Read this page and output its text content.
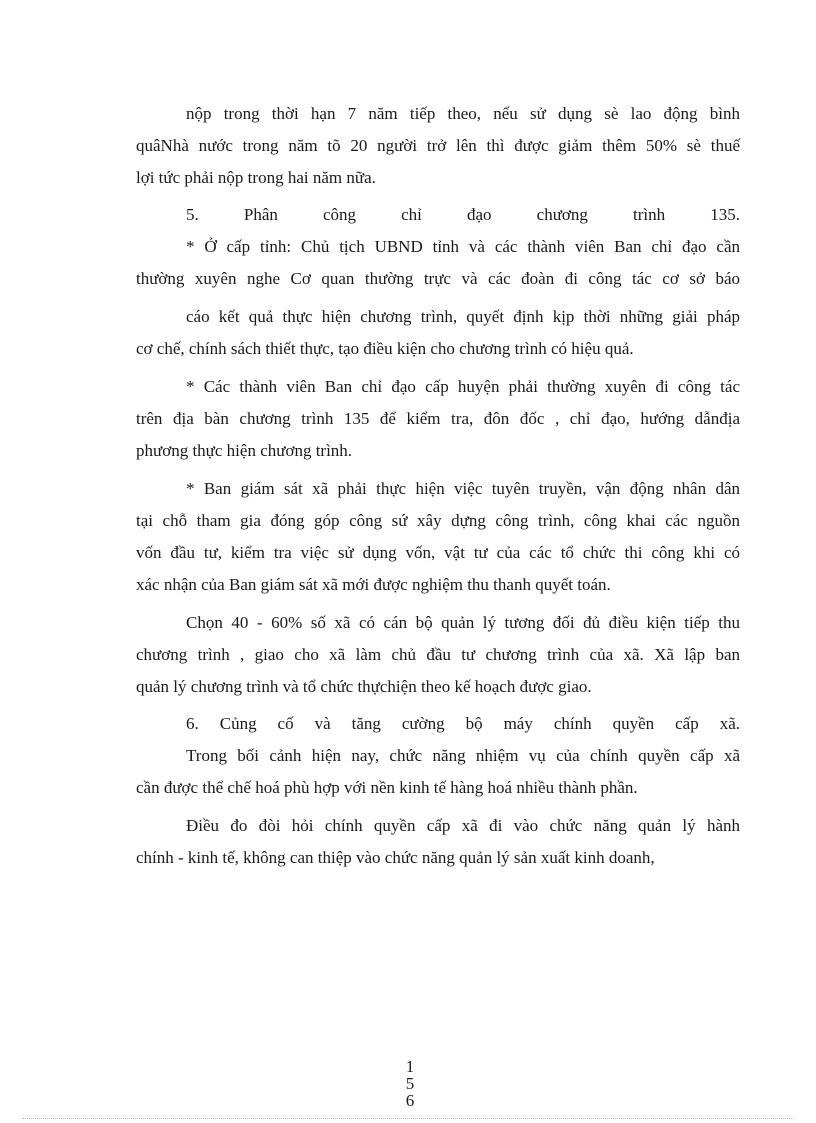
nộp trong thời hạn 7 năm tiếp theo, nếu sử dụng sè lao động bình
quâNhà nước trong năm tõ 20 người trở lên thì được giảm thêm 50% sè thuế
lợi tức phải nộp trong hai năm nữa.
5. Phân công chỉ đạo chương trình 135.
* Ở cấp tỉnh: Chủ tịch UBND tỉnh và các thành viên Ban chỉ đạo cần
thường xuyên nghe Cơ quan thường trực và các đoàn đi công tác cơ sở báo
cáo kết quả thực hiện chương trình, quyết định kịp thời những giải pháp
cơ chế, chính sách thiết thực, tạo điều kiện cho chương trình có hiệu quả.
* Các thành viên Ban chỉ đạo cấp huyện phải thường xuyên đi công tác
trên địa bàn chương trình 135 để kiểm tra, đôn đốc , chỉ đạo, hướng dẫnđịa
phương thực hiện chương trình.
* Ban giám sát xã phải thực hiện việc tuyên truyền, vận động nhân dân
tại chỗ tham gia đóng góp công sứ xây dựng công trình, công khai các nguồn
vốn đầu tư, kiểm tra việc sử dụng vốn, vật tư của các tổ chức thi công khi có
xác nhận của Ban giám sát xã mới được nghiệm thu thanh quyết toán.
Chọn 40 - 60% số xã có cán bộ quản lý tương đối đủ điều kiện tiếp thu
chương trình , giao cho xã làm chủ đầu tư chương trình của xã. Xã lập ban
quản lý chương trình và tổ chức thựchiện theo kế hoạch được giao.
6. Củng cố và tăng cường bộ máy chính quyền cấp xã.
Trong bối cảnh hiện nay, chức năng nhiệm vụ của chính quyền cấp xã
cần được thể chế hoá phù hợp với nền kinh tế hàng hoá nhiều thành phần.
Điều đo đòi hỏi chính quyền cấp xã đi vào chức năng quản lý hành
chính - kinh tế, không can thiệp vào chức năng quản lý sản xuất kinh doanh,
1
5
6
